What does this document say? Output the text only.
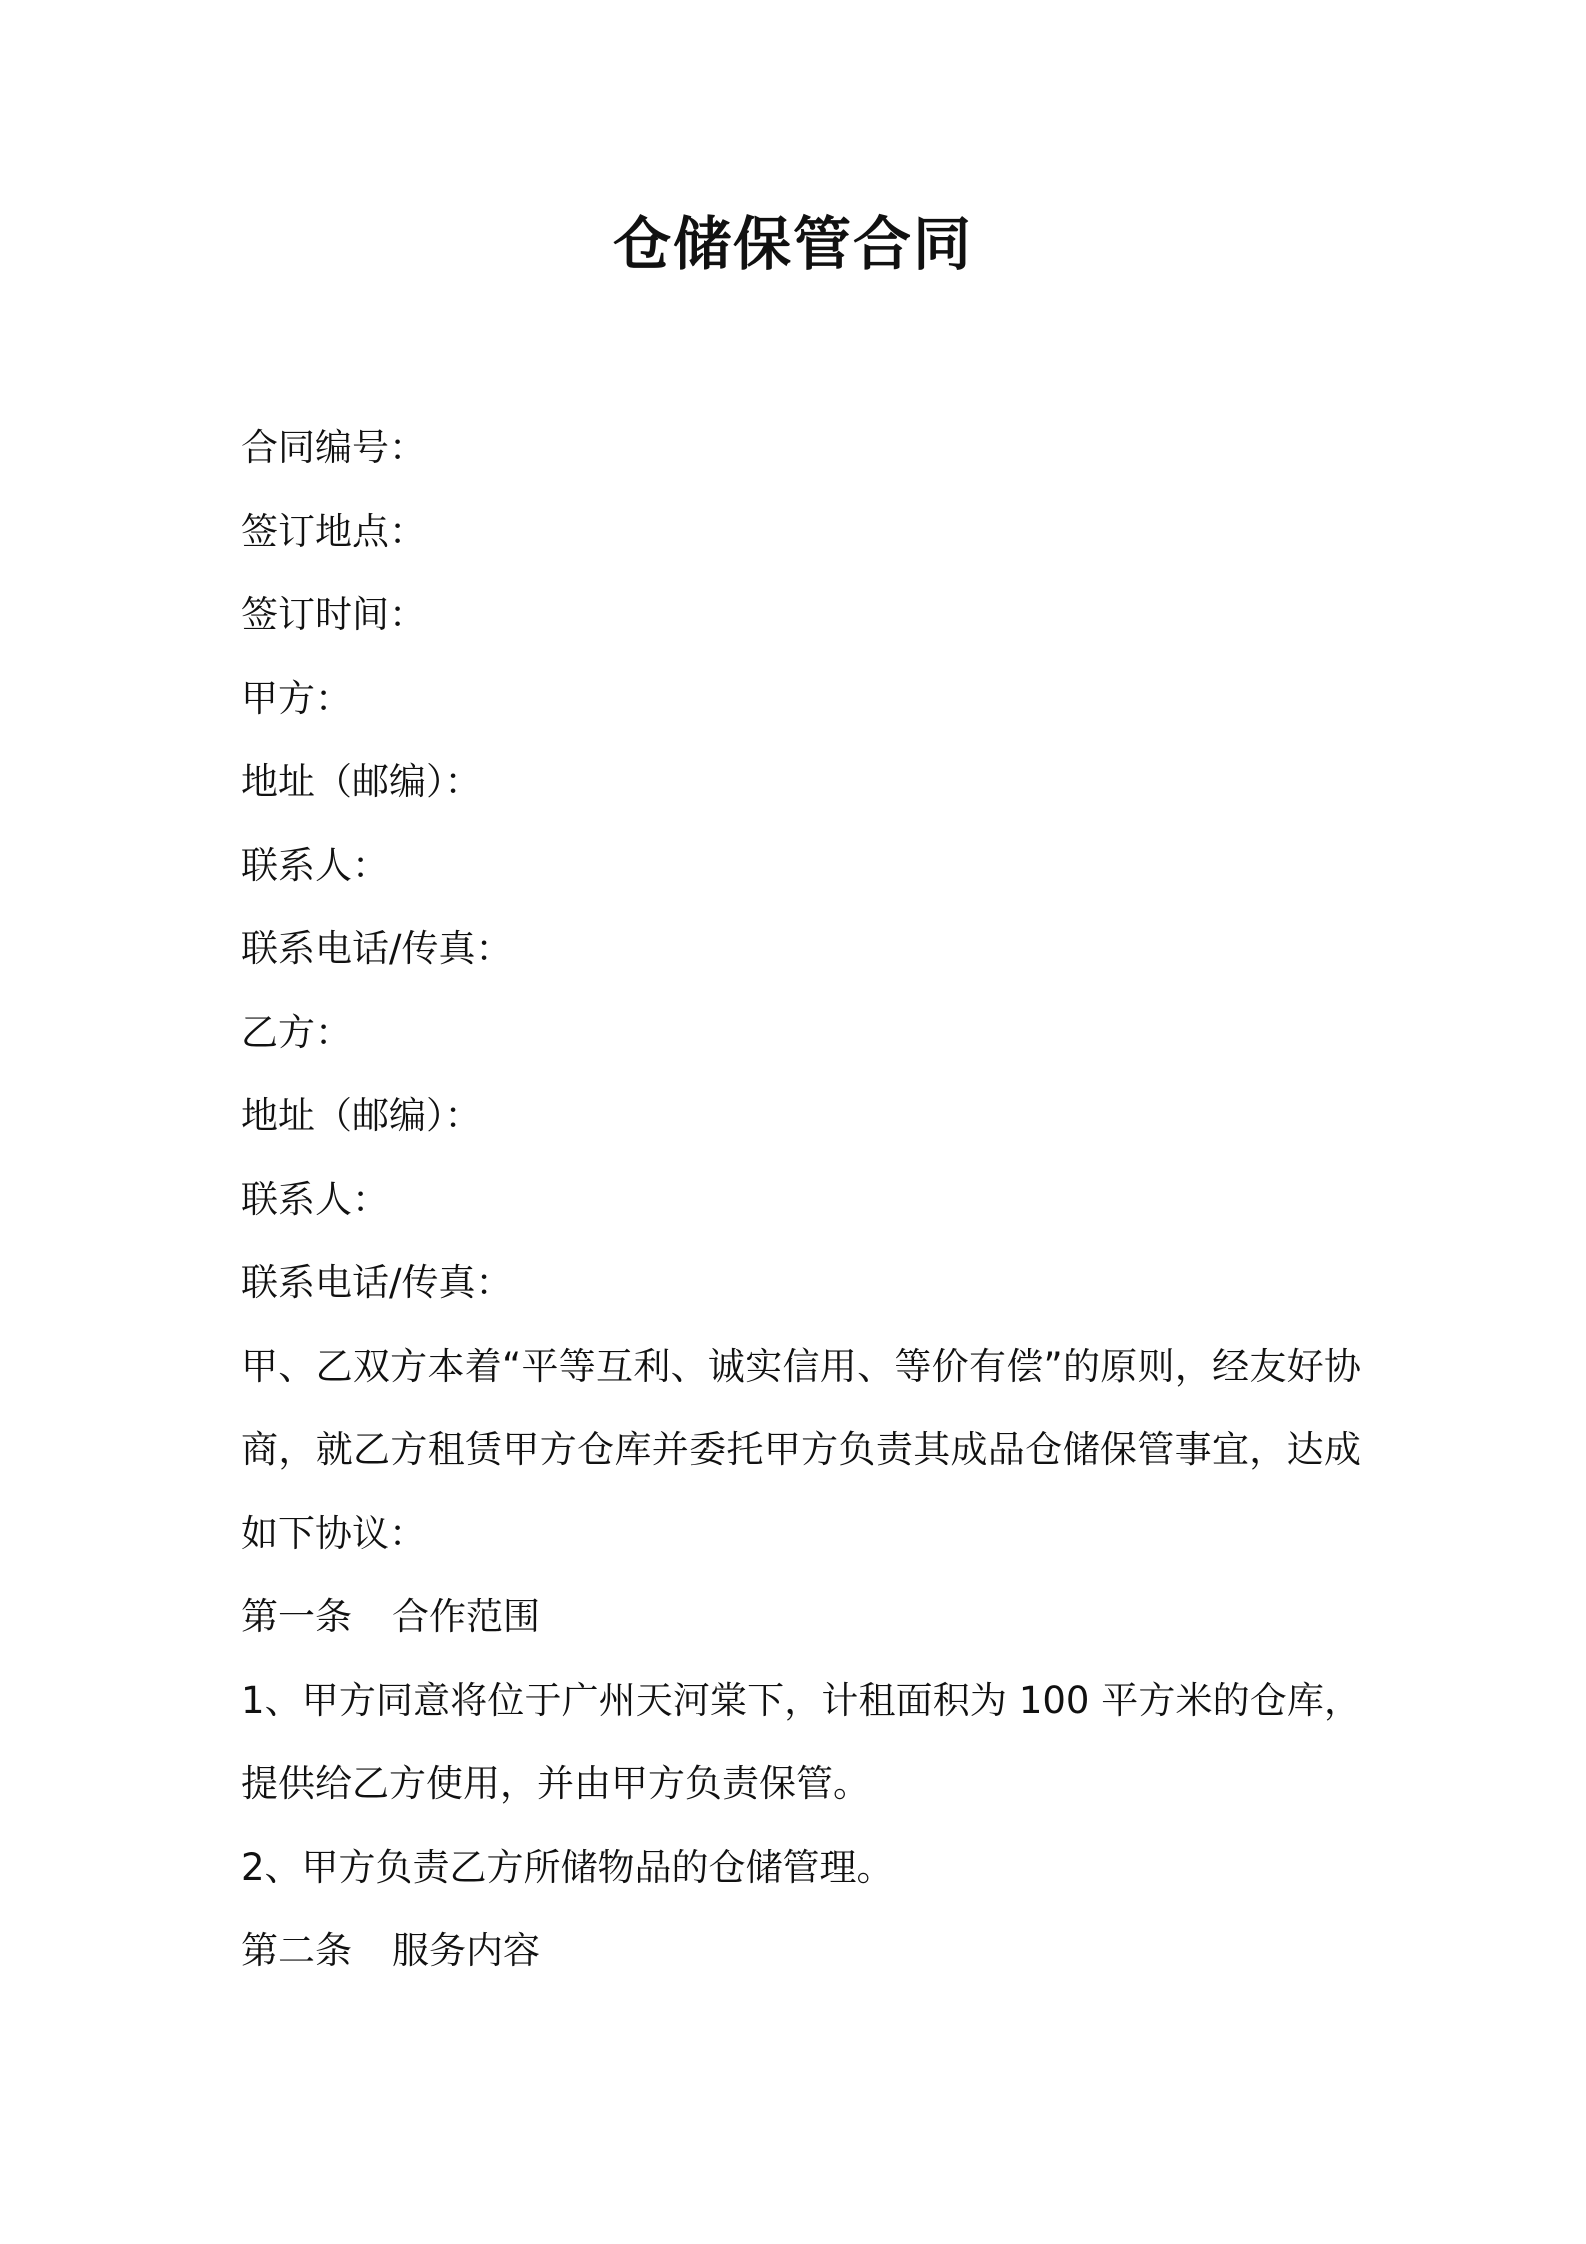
仓储保管合同
合同编号：
签订地点：
签订时间：
甲方：
地址（邮编）：
联系人：
联系电话/传真：
乙方：
地址（邮编）：
联系人：
联系电话/传真：
甲、乙双方本着“平等互利、诚实信用、等价有偿”的原则，经友好协商，就乙方租赁甲方仓库并委托甲方负责其成品仓储保管事宜，达成如下协议：
第一条 合作范围
1、甲方同意将位于广州天河棠下，计租面积为 100 平方米的仓库，提供给乙方使用，并由甲方负责保管。
2、甲方负责乙方所储物品的仓储管理。
第二条 服务内容
